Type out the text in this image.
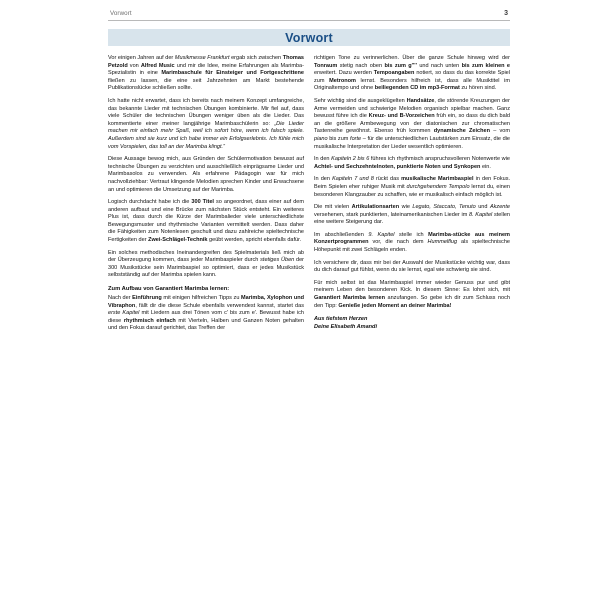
Vorwort	3
Vorwort

Vor einigen Jahren auf der Musikmesse Frankfurt ergab sich zwischen Thomas Petzold von Alfred Music und mir die Idee, meine Erfahrungen als Marimba-Spezialistin in eine Marimbaschule für Einsteiger und Fortgeschrittene fließen zu lassen, die eine seit Jahrzehnten am Markt bestehende Publikationslücke schließen sollte.

Ich hatte nicht erwartet, dass ich bereits nach meinem Konzept umfangreiche, das bekannte Lieder mit technischen Übungen kombinierte. Mir fiel auf, dass viele Schüler die technischen Übungen weniger üben als die Lieder. Das kommentierte einer meiner langjährige Marimbaschülerin so: „Die Lieder machen mir einfach mehr Spaß, weil ich sofort höre, wenn ich falsch spiele. Außerdem sind sie kurz und ich habe immer ein Erfolgserlebnis. Ich fühle mich vom Vorspielen, das toll an der Marimba klingt.“

Diese Aussage bewog mich, aus Gründen der Schülermotivation bewusst auf technische Übungen zu verzichten und ausschließlich einprägsame Lieder und Marimbasolos zu verwenden. Als erfahrene Pädagogin war für mich nachvollziehbar: Vertraut klingende Melodien sprechen Kinder und Erwachsene an und optimieren die Umsetzung auf der Marimba.

Logisch durchdacht habe ich die 300 Titel so angeordnet, dass einer auf dem anderen aufbaut und eine Brücke zum nächsten Stück entsteht. Ein weiteres Plus ist, dass durch die Kürze der Marimbalieder viele unterschiedlichste Bewegungsmuster und rhythmische Varianten vermittelt werden. Dass daher die Fähigkeiten zum Notenlesen geschult und dazu zahlreiche spieltechnische Fertigkeiten der Zwei-Schlägel-Technik geübt werden, spricht ebenfalls dafür.

Ein solches methodisches Ineinandergreifen des Spielmaterials ließ mich ab der Überzeugung kommen, dass jeder Marimbaspieler durch stetiges Üben der 300 Musikstücke sein Marimbaspiel so optimiert, dass er jedes Musikstück selbstständig auf der Marimba spielen kann.

Zum Aufbau von Garantiert Marimba lernen:

Nach der Einführung mit einigen hilfreichen Tipps zu Marimba, Xylophon und Vibraphon, fällt dir die diese Schule ebenfalls verwendest kannst, startet das erste Kapitel mit Liedern aus drei Tönen vom c' bis zum e'. Bewusst habe ich diese rhythmisch einfach mit Vierteln, Halben und Ganzen Noten gehalten und den Fokus darauf gerichtet, das Treffen der

richtigen Tone zu verinnerlichen. Über die ganze Schule hinweg wird der Tonraum stetig nach oben bis zum g'''' und nach unten bis zum kleinen e erweitert. Dazu werden Tempoangaben notiert, so dass du das korrekte Spiel zum Metronom lernst. Besonders hilfreich ist, dass alle Musiktitel im Originaltempo und ohne beiliegenden CD im mp3-Format zu hören sind.

Sehr wichtig sind die ausgeklügelten Handsätze, die störende Kreuzungen der Arme vermeiden und schwierige Melodien organisch spielbar machen. Ganz bewusst führe ich die Kreuz- und B-Vorzeichen früh ein, so dass du dich bald an die größere Armbewegung von der diatonischen zur chromatischen Tastenreihe gewöhnst. Ebenso früh kommen dynamische Zeichen – vom piano bis zum forte – für die unterschiedlichen Lautstärken zum Einsatz, die die musikalische Interpretation der Lieder wesentlich optimieren.

In den Kapiteln 2 bis 6 führes ich rhythmisch anspruchsvolleren Notenwerte wie Achtel- und Sechzehntelnoten, punktierte Noten und Synkopen ein.

In den Kapiteln 7 und 8 rückt das musikalische Marimbaspiel in den Fokus. Beim Spielen eher ruhiger Musik mit durchgehendem Tempolo lernst du, einen besonderen Klangzauber zu schaffen, wie er musikalisch einfach möglich ist.

Die mit vielen Artikulationsarten wie Legato, Staccato, Tenuto und Akzente versehenen, stark punktierten, lateinamerikanischen Lieder im 8. Kapitel stellen eine weitere Steigerung dar.

Im abschließenden 9. Kapitel stelle ich Marimba-stücke aus meinem Konzertprogrammen vor, die nach dem Hummelflug als spieltechnische Höhepunkt mit zwei Schlägeln enden.

Ich versichere dir, dass mir bei der Auswahl der Musikstücke wichtig war, dass du dich darauf gut fühlst, wenn du sie lernst, egal wie schwierig sie sind.

Für mich selbst ist das Marimbaspiel immer wieder Genuss pur und gibt meinem Leben den besonderen Kick. In diesem Sinne: Es lohnt sich, mit Garantiert Marimba lernen anzufangen. So gebe ich dir zum Schluss noch den Tipp: Genieße jeden Moment an deiner Marimba!

Aus tiefstem Herzen
Deine Elisabeth Amandi
